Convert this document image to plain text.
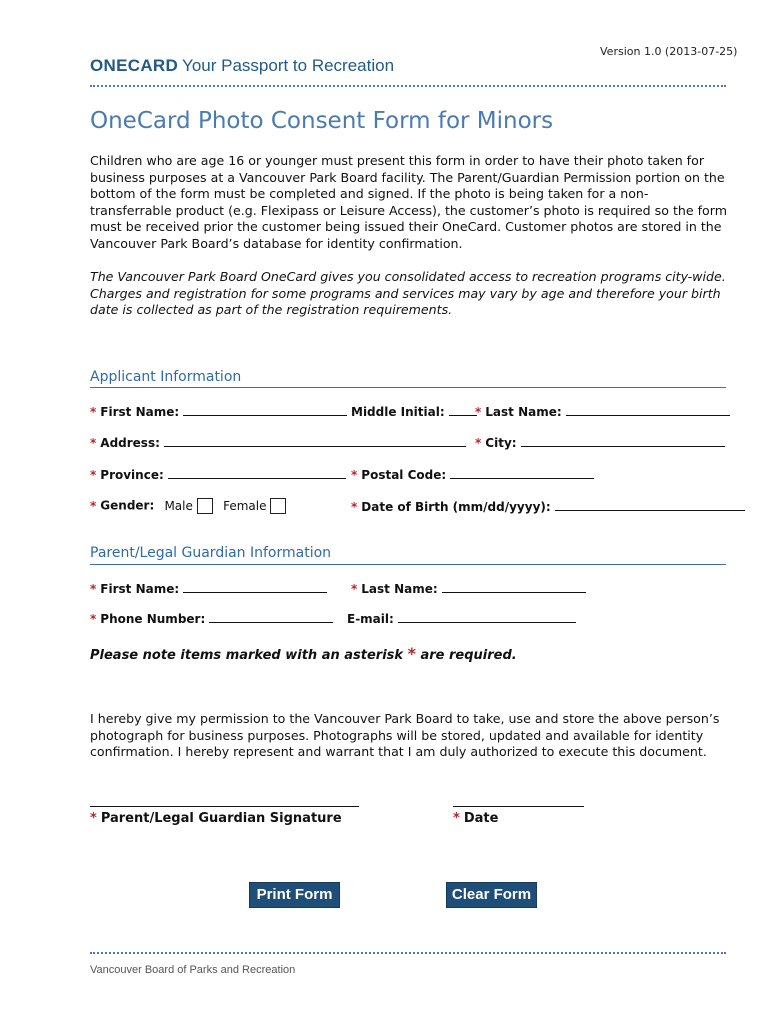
Version 1.0 (2013-07-25)
ONECARD Your Passport to Recreation
OneCard Photo Consent Form for Minors
Children who are age 16 or younger must present this form in order to have their photo taken for business purposes at a Vancouver Park Board facility. The Parent/Guardian Permission portion on the bottom of the form must be completed and signed. If the photo is being taken for a non-transferrable product (e.g. Flexipass or Leisure Access), the customer’s photo is required so the form must be received prior the customer being issued their OneCard. Customer photos are stored in the Vancouver Park Board’s database for identity confirmation.
The Vancouver Park Board OneCard gives you consolidated access to recreation programs city-wide. Charges and registration for some programs and services may vary by age and therefore your birth date is collected as part of the registration requirements.
Applicant Information
* First Name:	Middle Initial:	* Last Name:
* Address:	* City:
* Province:	* Postal Code:
* Gender: Male	Female	* Date of Birth (mm/dd/yyyy):
Parent/Legal Guardian Information
* First Name:	* Last Name:
* Phone Number:	E-mail:
Please note items marked with an asterisk * are required.
I hereby give my permission to the Vancouver Park Board to take, use and store the above person’s photograph for business purposes. Photographs will be stored, updated and available for identity confirmation. I hereby represent and warrant that I am duly authorized to execute this document.
* Parent/Legal Guardian Signature	* Date
Print Form	Clear Form
Vancouver Board of Parks and Recreation
